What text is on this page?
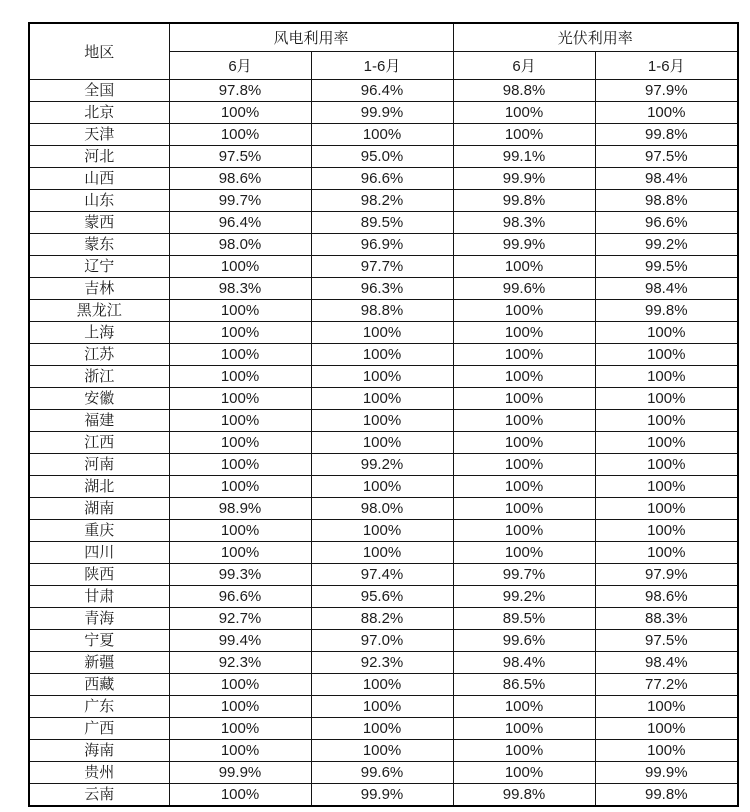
地区	风电利用率		光伏利用率	
	6月	1-6月	6月	1-6月
全国	97.8%	96.4%	98.8%	97.9%
北京	100%	99.9%	100%	100%
天津	100%	100%	100%	99.8%
河北	97.5%	95.0%	99.1%	97.5%
山西	98.6%	96.6%	99.9%	98.4%
山东	99.7%	98.2%	99.8%	98.8%
蒙西	96.4%	89.5%	98.3%	96.6%
蒙东	98.0%	96.9%	99.9%	99.2%
辽宁	100%	97.7%	100%	99.5%
吉林	98.3%	96.3%	99.6%	98.4%
黑龙江	100%	98.8%	100%	99.8%
上海	100%	100%	100%	100%
江苏	100%	100%	100%	100%
浙江	100%	100%	100%	100%
安徽	100%	100%	100%	100%
福建	100%	100%	100%	100%
江西	100%	100%	100%	100%
河南	100%	99.2%	100%	100%
湖北	100%	100%	100%	100%
湖南	98.9%	98.0%	100%	100%
重庆	100%	100%	100%	100%
四川	100%	100%	100%	100%
陕西	99.3%	97.4%	99.7%	97.9%
甘肃	96.6%	95.6%	99.2%	98.6%
青海	92.7%	88.2%	89.5%	88.3%
宁夏	99.4%	97.0%	99.6%	97.5%
新疆	92.3%	92.3%	98.4%	98.4%
西藏	100%	100%	86.5%	77.2%
广东	100%	100%	100%	100%
广西	100%	100%	100%	100%
海南	100%	100%	100%	100%
贵州	99.9%	99.6%	100%	99.9%
云南	100%	99.9%	99.8%	99.8%
